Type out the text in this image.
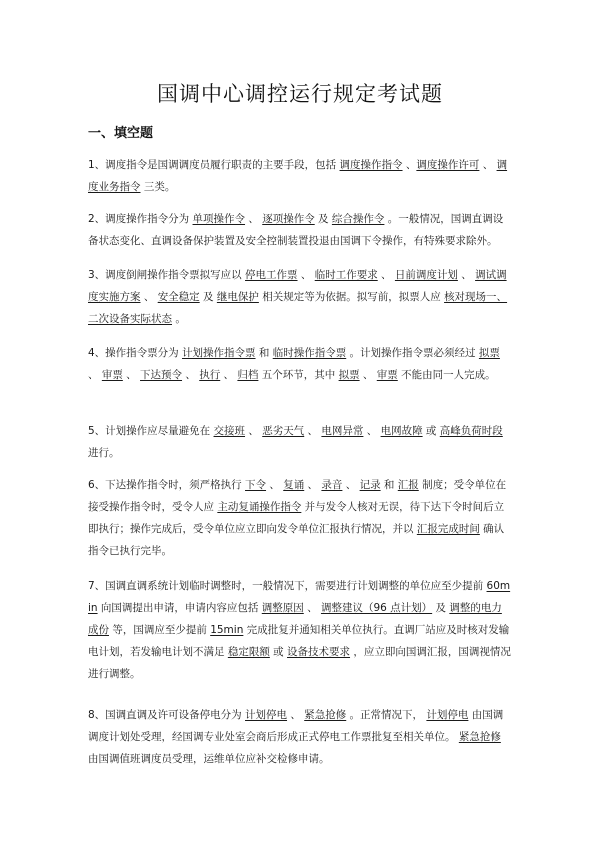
国调中心调控运行规定考试题
一、填空题
1、调度指令是国调调度员履行职责的主要手段，包括 调度操作指令 、调度操作许可 、 调度业务指令 三类。
2、调度操作指令分为 单项操作令 、 逐项操作令 及 综合操作令 。一般情况，国调直调设备状态变化、直调设备保护装置及安全控制装置投退由国调下令操作，有特殊要求除外。
3、调度倒闸操作指令票拟写应以 停电工作票 、 临时工作要求 、 日前调度计划 、 调试调度实施方案 、 安全稳定 及 继电保护 相关规定等为依据。拟写前，拟票人应 核对现场一、二次设备实际状态 。
4、操作指令票分为 计划操作指令票 和 临时操作指令票 。计划操作指令票必须经过 拟票 、 审票 、 下达预令 、 执行 、 归档 五个环节，其中 拟票 、 审票 不能由同一人完成。
5、计划操作应尽量避免在 交接班 、 恶劣天气 、 电网异常 、 电网故障 或 高峰负荷时段 进行。
6、下达操作指令时，须严格执行 下令 、 复诵 、 录音 、 记录 和 汇报 制度；受令单位在接受操作指令时，受令人应 主动复诵操作指令 并与发令人核对无误，待下达下令时间后立即执行；操作完成后，受令单位应立即向发令单位汇报执行情况，并以 汇报完成时间 确认指令已执行完毕。
7、国调直调系统计划临时调整时，一般情况下，需要进行计划调整的单位应至少提前 60min 向国调提出申请，申请内容应包括 调整原因 、 调整建议（96 点计划） 及 调整的电力成份 等，国调应至少提前 15min 完成批复并通知相关单位执行。直调厂站应及时核对发输电计划，若发输电计划不满足 稳定限额 或 设备技术要求 ，应立即向国调汇报，国调视情况进行调整。
8、国调直调及许可设备停电分为 计划停电 、 紧急抢修 。正常情况下， 计划停电 由国调调度计划处受理，经国调专业处室会商后形成正式停电工作票批复至相关单位。 紧急抢修 由国调值班调度员受理，运维单位应补交检修申请。
